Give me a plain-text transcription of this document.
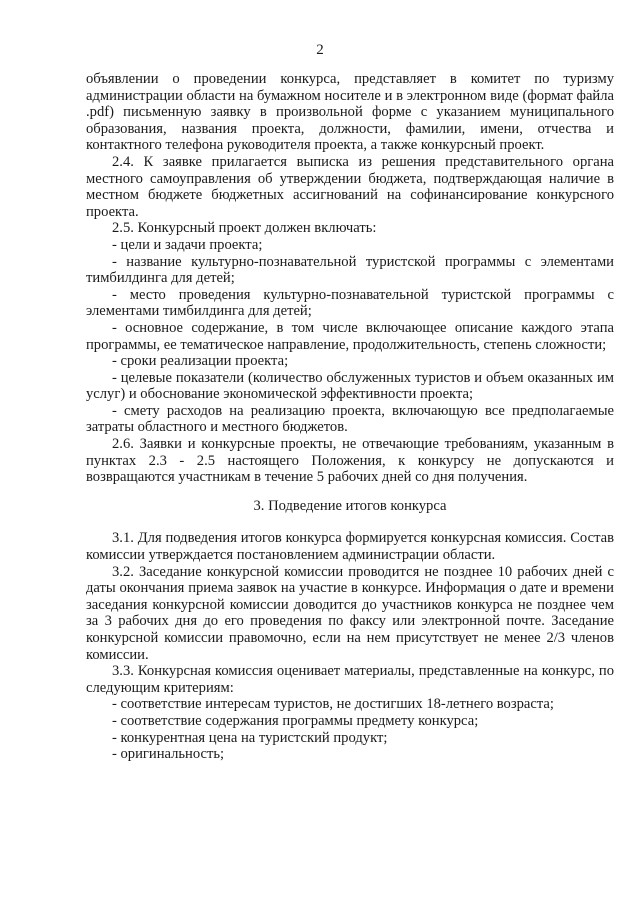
2

объявлении о проведении конкурса, представляет в комитет по туризму администрации области на бумажном носителе и в электронном виде (формат файла .pdf) письменную заявку в произвольной форме с указанием муниципального образования, названия проекта, должности, фамилии, имени, отчества и контактного телефона руководителя проекта, а также конкурсный проект.

2.4. К заявке прилагается выписка из решения представительного органа местного самоуправления об утверждении бюджета, подтверждающая наличие в местном бюджете бюджетных ассигнований на софинансирование конкурсного проекта.

2.5. Конкурсный проект должен включать:

- цели и задачи проекта;

- название культурно-познавательной туристской программы с элементами тимбилдинга для детей;

- место проведения культурно-познавательной туристской программы с элементами тимбилдинга для детей;

- основное содержание, в том числе включающее описание каждого этапа программы, ее тематическое направление, продолжительность, степень сложности;

- сроки реализации проекта;

- целевые показатели (количество обслуженных туристов и объем оказанных им услуг) и обоснование экономической эффективности проекта;

- смету расходов на реализацию проекта, включающую все предполагаемые затраты областного и местного бюджетов.

2.6. Заявки и конкурсные проекты, не отвечающие требованиям, указанным в пунктах 2.3 - 2.5 настоящего Положения, к конкурсу не допускаются и возвращаются участникам в течение 5 рабочих дней со дня получения.

3. Подведение итогов конкурса

3.1. Для подведения итогов конкурса формируется конкурсная комиссия. Состав комиссии утверждается постановлением администрации области.

3.2. Заседание конкурсной комиссии проводится не позднее 10 рабочих дней с даты окончания приема заявок на участие в конкурсе. Информация о дате и времени заседания конкурсной комиссии доводится до участников конкурса не позднее чем за 3 рабочих дня до его проведения по факсу или электронной почте. Заседание конкурсной комиссии правомочно, если на нем присутствует не менее 2/3 членов комиссии.

3.3. Конкурсная комиссия оценивает материалы, представленные на конкурс, по следующим критериям:

- соответствие интересам туристов, не достигших 18-летнего возраста;

- соответствие содержания программы предмету конкурса;

- конкурентная цена на туристский продукт;

- оригинальность;
